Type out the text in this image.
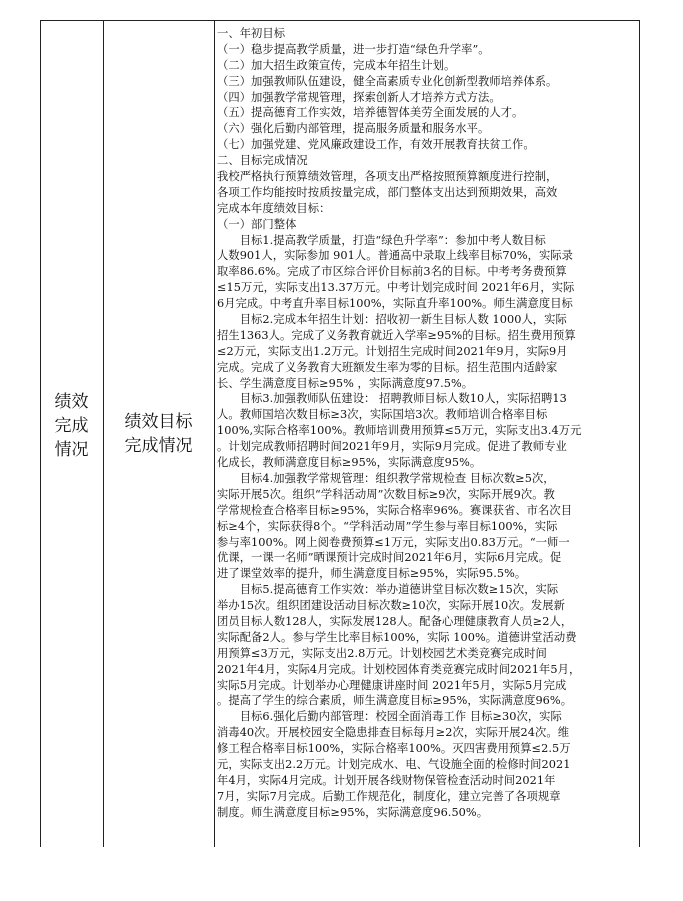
绩效
完成
情况
绩效目标
完成情况
一、年初目标
（一）稳步提高教学质量，进一步打造“绿色升学率”。
（二）加大招生政策宣传，完成本年招生计划。
（三）加强教师队伍建设，健全高素质专业化创新型教师培养体系。
（四）加强教学常规管理，探索创新人才培养方式方法。
（五）提高德育工作实效，培养德智体美劳全面发展的人才。
（六）强化后勤内部管理，提高服务质量和服务水平。
（七）加强党建、党风廉政建设工作，有效开展教育扶贫工作。
二、目标完成情况
我校严格执行预算绩效管理，各项支出严格按照预算额度进行控制，
各项工作均能按时按质按量完成，部门整体支出达到预期效果，高效
完成本年度绩效目标：
（一）部门整体
　　目标1.提高教学质量，打造“绿色升学率”：参加中考人数目标
人数901人，实际参加 901人。普通高中录取上线率目标70%，实际录
取率86.6%。完成了市区综合评价目标前3名的目标。中考考务费预算
≤15万元，实际支出13.37万元。中考计划完成时间 2021年6月，实际
6月完成。中考直升率目标100%，实际直升率100%。师生满意度目标
　　目标2.完成本年招生计划：招收初一新生目标人数 1000人，实际
招生1363人。完成了义务教育就近入学率≥95%的目标。招生费用预算
≤2万元，实际支出1.2万元。计划招生完成时间2021年9月，实际9月
完成。完成了义务教育大班额发生率为零的目标。招生范围内适龄家
长、学生满意度目标≥95% ，实际满意度97.5%。
　　目标3.加强教师队伍建设： 招聘教师目标人数10人，实际招聘13
人。教师国培次数目标≥3次，实际国培3次。教师培训合格率目标
100%,实际合格率100%。教师培训费用预算≤5万元，实际支出3.4万元
。计划完成教师招聘时间2021年9月，实际9月完成。促进了教师专业
化成长，教师满意度目标≥95%，实际满意度95%。
　　目标4.加强教学常规管理：组织教学常规检查 目标次数≥5次，
实际开展5次。组织“学科活动周”次数目标≥9次，实际开展9次。教
学常规检查合格率目标≥95%，实际合格率96%。赛课获省、市名次目
标≥4个，实际获得8个。“学科活动周”学生参与率目标100%，实际
参与率100%。网上阅卷费预算≤1万元，实际支出0.83万元。“一师一
优课，一课一名师”晒课预计完成时间2021年6月，实际6月完成。促
进了课堂效率的提升，师生满意度目标≥95%，实际95.5%。
　　目标5.提高德育工作实效：举办道德讲堂目标次数≥15次，实际
举办15次。组织团建设活动目标次数≥10次，实际开展10次。发展新
团员目标人数128人，实际发展128人。配备心理健康教育人员≥2人，
实际配备2人。参与学生比率目标100%，实际 100%。道德讲堂活动费
用预算≤3万元，实际支出2.8万元。计划校园艺术类竞赛完成时间
2021年4月，实际4月完成。计划校园体育类竞赛完成时间2021年5月，
实际5月完成。计划举办心理健康讲座时间 2021年5月，实际5月完成
。提高了学生的综合素质，师生满意度目标≥95%，实际满意度96%。
　　目标6.强化后勤内部管理：校园全面消毒工作 目标≥30次，实际
消毒40次。开展校园安全隐患排查目标每月≥2次，实际开展24次。维
修工程合格率目标100%，实际合格率100%。灭四害费用预算≤2.5万
元，实际支出2.2万元。计划完成水、电、气设施全面的检修时间2021
年4月，实际4月完成。计划开展各线财物保管检查活动时间2021年
7月，实际7月完成。后勤工作规范化，制度化，建立完善了各项规章
制度。师生满意度目标≥95%，实际满意度96.50%。
